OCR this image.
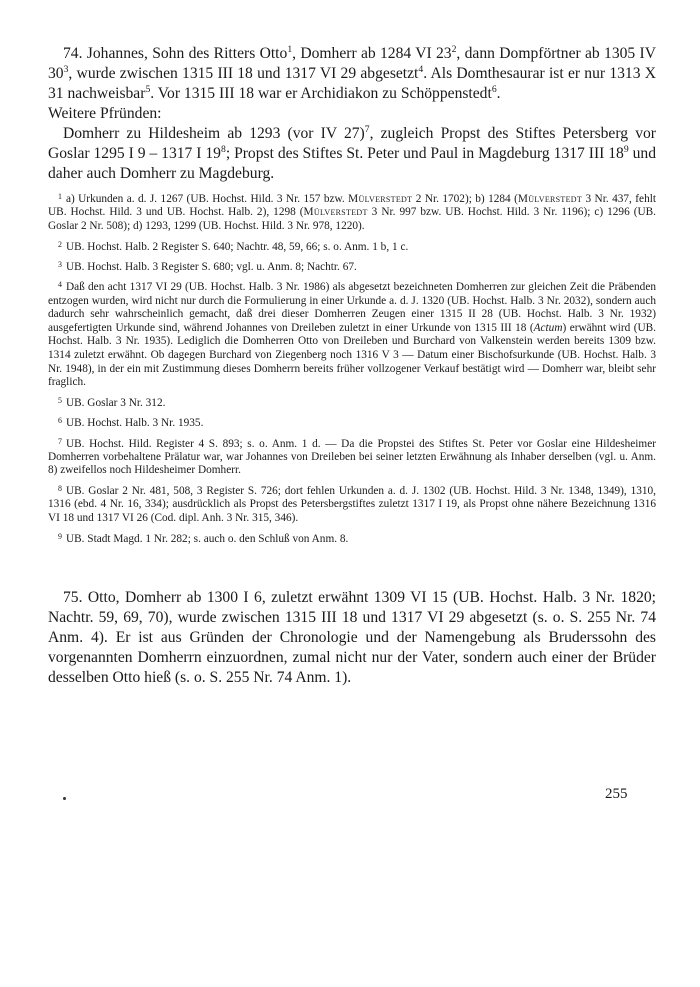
74. Johannes, Sohn des Ritters Otto$^1$, Domherr ab 1284 VI $23^2$, dann Dompförtner ab 1305 IV $30^3$, wurde zwischen 1315 III 18 und 1317 VI 29 abgesetzt$^4$. Als Domthesaurar ist er nur 1313 X 31 nachweisbar$^5$. Vor 1315 III 18 war er Archidiakon zu Schöppenstedt$^6$.

Weitere Pfründen:

Domherr zu Hildesheim ab 1293 (vor IV 27)$^7$, zugleich Propst des Stiftes Petersberg vor Goslar 1295 I 9 – 1317 I $19^8$; Propst des Stiftes St. Peter und Paul in Magdeburg 1317 III $18^9$ und daher auch Domherr zu Magdeburg.

$^1$ a) Urkunden a. d. J. 1267 (UB. Hochst. Hild. 3 Nr. 157 bzw. Mülverstedt 2 Nr. 1702); b) 1284 (Mülverstedt 3 Nr. 437, fehlt UB. Hochst. Hild. 3 und UB. Hochst. Halb. 2), 1298 (Mülverstedt 3 Nr. 997 bzw. UB. Hochst. Hild. 3 Nr. 1196); c) 1296 (UB. Goslar 2 Nr. 508); d) 1293, 1299 (UB. Hochst. Hild. 3 Nr. 978, 1220).

$^2$ UB. Hochst. Halb. 2 Register S. 640; Nachtr. 48, 59, 66; s. o. Anm. 1 b, 1 c.

$^3$ UB. Hochst. Halb. 3 Register S. 680; vgl. u. Anm. 8; Nachtr. 67.

$^4$ Daß den acht 1317 VI 29 (UB. Hochst. Halb. 3 Nr. 1986) als abgesetzt bezeichneten Domherren zur gleichen Zeit die Präbenden entzogen wurden, wird nicht nur durch die Formulierung in einer Urkunde a. d. J. 1320 (UB. Hochst. Halb. 3 Nr. 2032), sondern auch dadurch sehr wahrscheinlich gemacht, daß drei dieser Domherren Zeugen einer 1315 II 28 (UB. Hochst. Halb. 3 Nr. 1932) ausgefertigten Urkunde sind, während Johannes von Dreileben zuletzt in einer Urkunde von 1315 III 18 (Actum) erwähnt wird (UB. Hochst. Halb. 3 Nr. 1935). Lediglich die Domherren Otto von Dreileben und Burchard von Valkenstein werden bereits 1309 bzw. 1314 zuletzt erwähnt. Ob dagegen Burchard von Ziegenberg noch 1316 V 3 — Datum einer Bischofsurkunde (UB. Hochst. Halb. 3 Nr. 1948), in der ein mit Zustimmung dieses Domherrn bereits früher vollzogener Verkauf bestätigt wird — Domherr war, bleibt sehr fraglich.

$^5$ UB. Goslar 3 Nr. 312.

$^6$ UB. Hochst. Halb. 3 Nr. 1935.

$^7$ UB. Hochst. Hild. Register 4 S. 893; s. o. Anm. 1 d. — Da die Propstei des Stiftes St. Peter vor Goslar eine Hildesheimer Domherren vorbehaltene Prälatur war, war Johannes von Dreileben bei seiner letzten Erwähnung als Inhaber derselben (vgl. u. Anm. 8) zweifellos noch Hildesheimer Domherr.

$^8$ UB. Goslar 2 Nr. 481, 508, 3 Register S. 726; dort fehlen Urkunden a. d. J. 1302 (UB. Hochst. Hild. 3 Nr. 1348, 1349), 1310, 1316 (ebd. 4 Nr. 16, 334); ausdrücklich als Propst des Petersbergstiftes zuletzt 1317 I 19, als Propst ohne nähere Bezeichnung 1316 VI 18 und 1317 VI 26 (Cod. dipl. Anh. 3 Nr. 315, 346).

$^9$ UB. Stadt Magd. 1 Nr. 282; s. auch o. den Schluß von Anm. 8.

75. Otto, Domherr ab 1300 I 6, zuletzt erwähnt 1309 VI 15 (UB. Hochst. Halb. 3 Nr. 1820; Nachtr. 59, 69, 70), wurde zwischen 1315 III 18 und 1317 VI 29 abgesetzt (s. o. S. 255 Nr. 74 Anm. 4). Er ist aus Gründen der Chronologie und der Namengebung als Bruderssohn des vorgenannten Domherrn einzuordnen, zumal nicht nur der Vater, sondern auch einer der Brüder desselben Otto hieß (s. o. S. 255 Nr. 74 Anm. 1).

255
